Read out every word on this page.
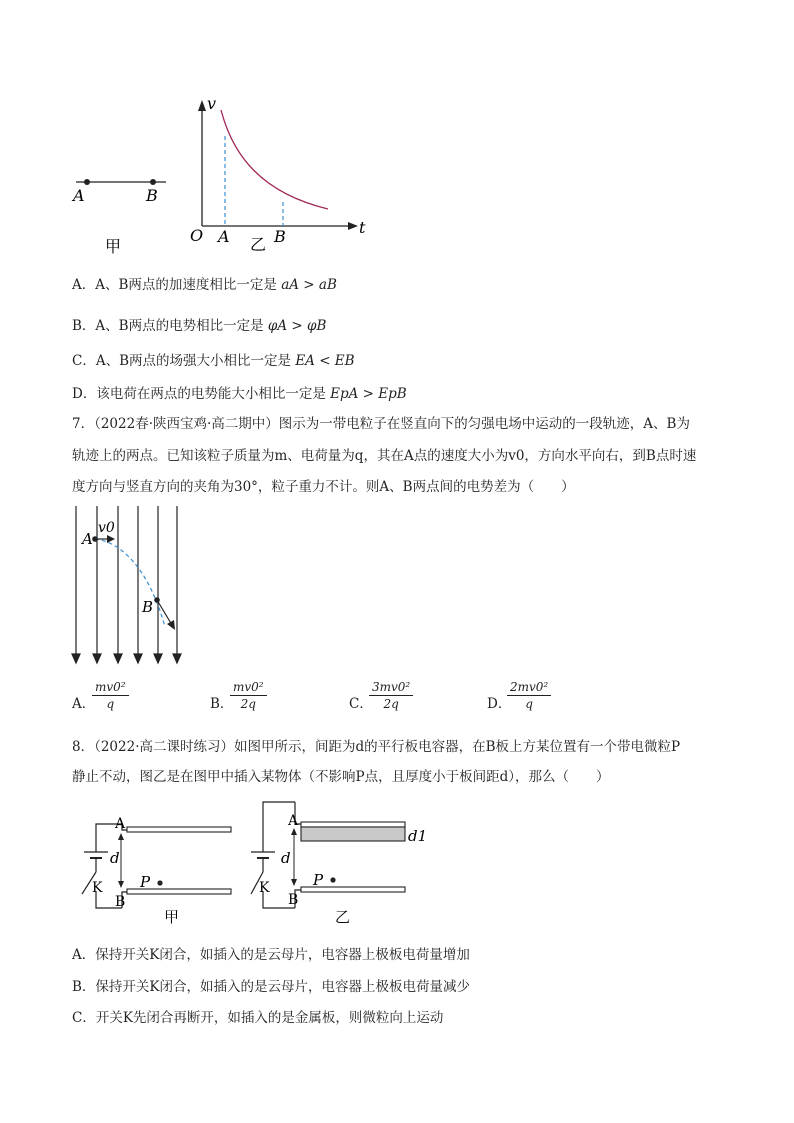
A	B
甲
v
t
O A	B
乙
A．A、B两点的加速度相比一定是 aA > aB
B．A、B两点的电势相比一定是 φA > φB
C．A、B两点的场强大小相比一定是 EA < EB
D．该电荷在两点的电势能大小相比一定是 EpA > EpB
7．（2022春·陕西宝鸡·高二期中）图示为一带电粒子在竖直向下的匀强电场中运动的一段轨迹，A、B为
轨迹上的两点。已知该粒子质量为m、电荷量为q，其在A点的速度大小为v0，方向水平向右，到B点时速
度方向与竖直方向的夹角为30°，粒子重力不计。则A、B两点间的电势差为（　　）
A
v0
B
A．
$\frac{\text{mv0²}}{q}$	B．
$\frac{\text{mv0²}}{2q}$	C．
$\frac{\text{3mv0²}}{2q}$	D．
$\frac{\text{2mv0²}}{q}$
8．（2022·高二课时练习）如图甲所示，间距为d的平行板电容器，在B板上方某位置有一个带电微粒P
静止不动，图乙是在图甲中插入某物体（不影响P点，且厚度小于板间距d），那么（　　）
A
B
d
K	P
甲
A
B
d
d1
K	P
乙
A．保持开关K闭合，如插入的是云母片，电容器上极板电荷量增加
B．保持开关K闭合，如插入的是云母片，电容器上极板电荷量减少
C．开关K先闭合再断开，如插入的是金属板，则微粒向上运动
